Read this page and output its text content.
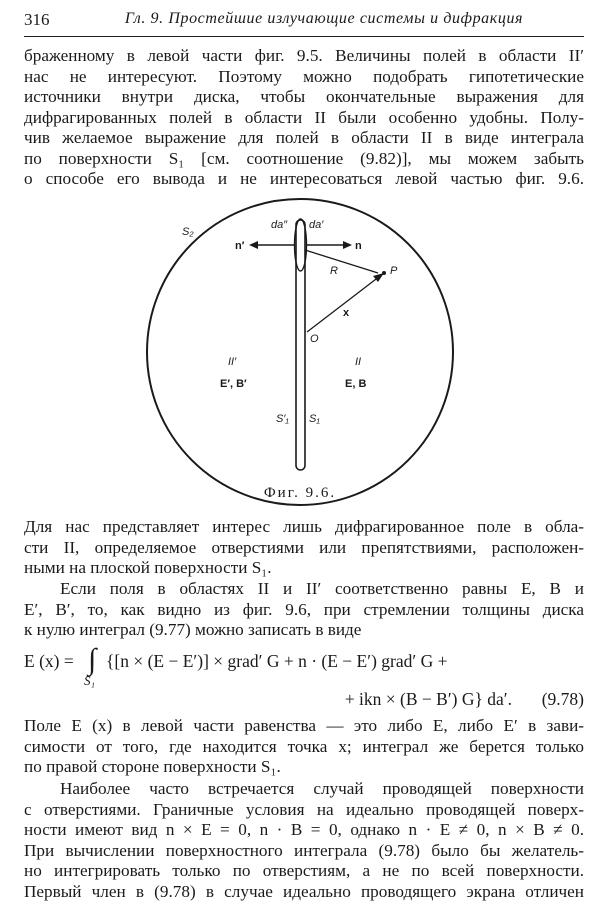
316	Гл. 9. Простейшие излучающие системы и дифракция

браженному в левой части фиг. 9.5. Величины полей в области II′
нас не интересуют. Поэтому можно подобрать гипотетические
источники внутри диска, чтобы окончательные выражения для
дифрагированных полей в области II были особенно удобны. Полу-
чив желаемое выражение для полей в области II в виде интеграла
по поверхности S₁ [см. соотношение (9.82)], мы можем забыть
о способе его вывода и не интересоваться левой частью фиг. 9.6.

S₂
da″ da′
n′	n
R	P
x
O
II′	II
E′, B′	E, B
S′₁ S₁
Фиг. 9.6.

Для нас представляет интерес лишь дифрагированное поле в обла-
сти II, определяемое отверстиями или препятствиями, расположен-
ными на плоской поверхности S₁.

Если поля в областях II и II′ соответственно равны E, B и
E′, B′, то, как видно из фиг. 9.6, при стремлении толщины диска
к нулю интеграл (9.77) можно записать в виде

E (x) = ∫
S₁
{[n × (E − E′)] × grad′ G + n · (E − E′) grad′ G +
+ ikn × (B − B′) G} da′. (9.78)

Поле E (x) в левой части равенства — это либо E, либо E′ в зави-
симости от того, где находится точка x; интеграл же берется только
по правой стороне поверхности S₁.

Наиболее часто встречается случай проводящей поверхности
с отверстиями. Граничные условия на идеально проводящей поверх-
ности имеют вид n × E = 0, n · B = 0, однако n · E ≠ 0, n × B ≠ 0.
При вычислении поверхностного интеграла (9.78) было бы желатель-
но интегрировать только по отверстиям, а не по всей поверхности.
Первый член в (9.78) в случае идеально проводящего экрана отличен
